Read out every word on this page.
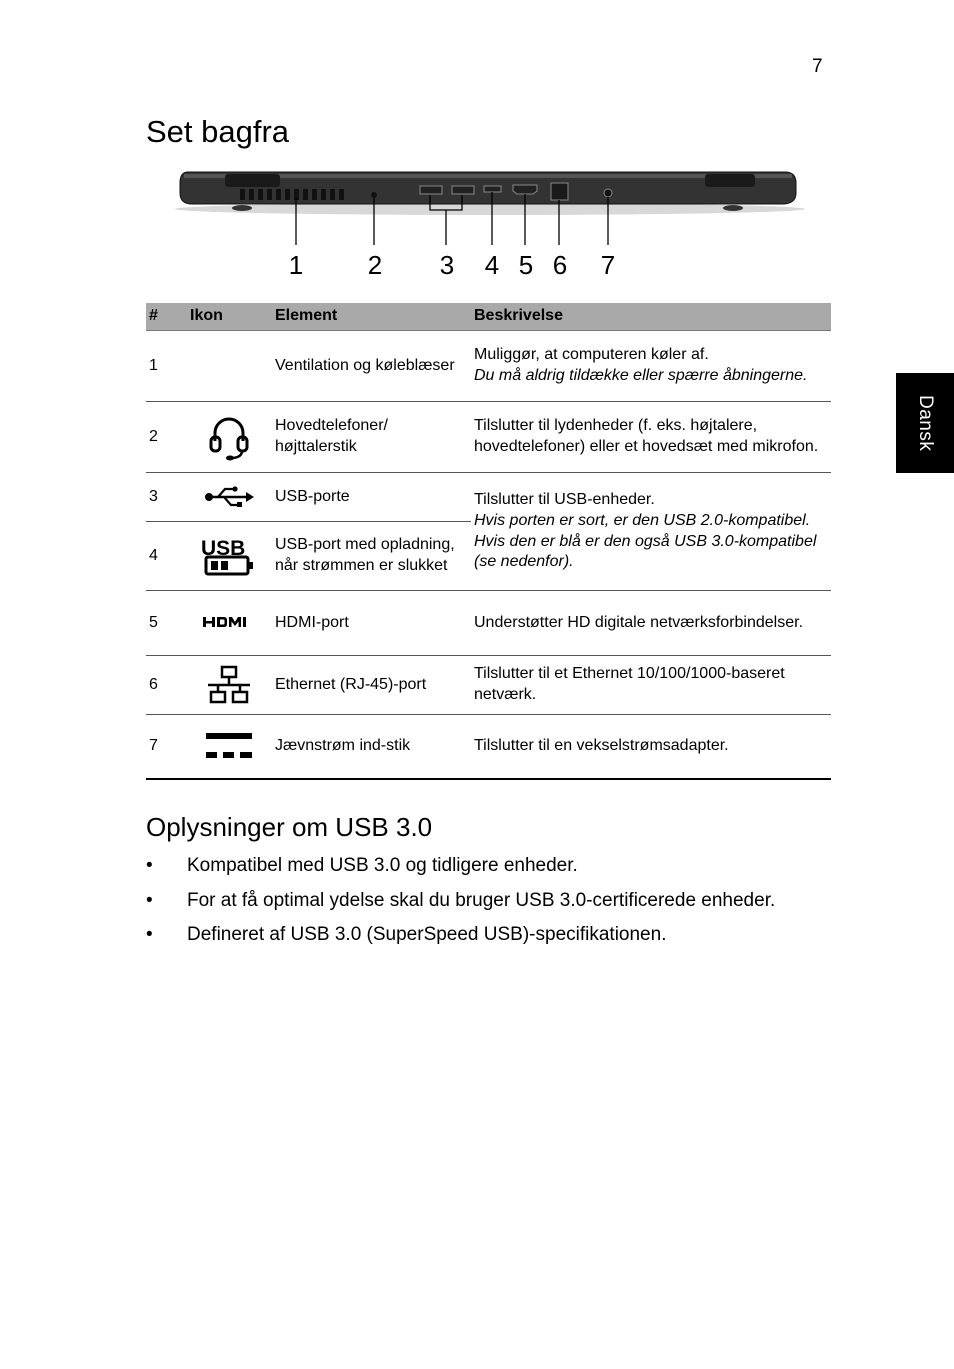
7
Set bagfra
Dansk
1 2 3 4 5 6 7
#	Ikon	Element	Beskrivelse
1		Ventilation og køleblæser	Muliggør, at computeren køler af.
Du må aldrig tildække eller spærre åbningerne.

2		Hovedtelefoner/ højttalerstik	Tilslutter til lydenheder (f. eks. højtalere, hovedtelefoner) eller et hovedsæt med mikrofon.

3		USB-porte	Tilslutter til USB-enheder.
Hvis porten er sort, er den USB 2.0-kompatibel. Hvis den er blå er den også USB 3.0-kompatibel (se nedenfor).

4	USB	USB-port med opladning, når strømmen er slukket	
5		HDMI-port	Understøtter HD digitale netværksforbindelser.

6		Ethernet (RJ-45)-port	Tilslutter til et Ethernet 10/100/1000-baseret netværk.

7		Jævnstrøm ind-stik	Tilslutter til en vekselstrømsadapter.
Oplysninger om USB 3.0
• Kompatibel med USB 3.0 og tidligere enheder.
• For at få optimal ydelse skal du bruger USB 3.0-certificerede enheder.
• Defineret af USB 3.0 (SuperSpeed USB)-specifikationen.
